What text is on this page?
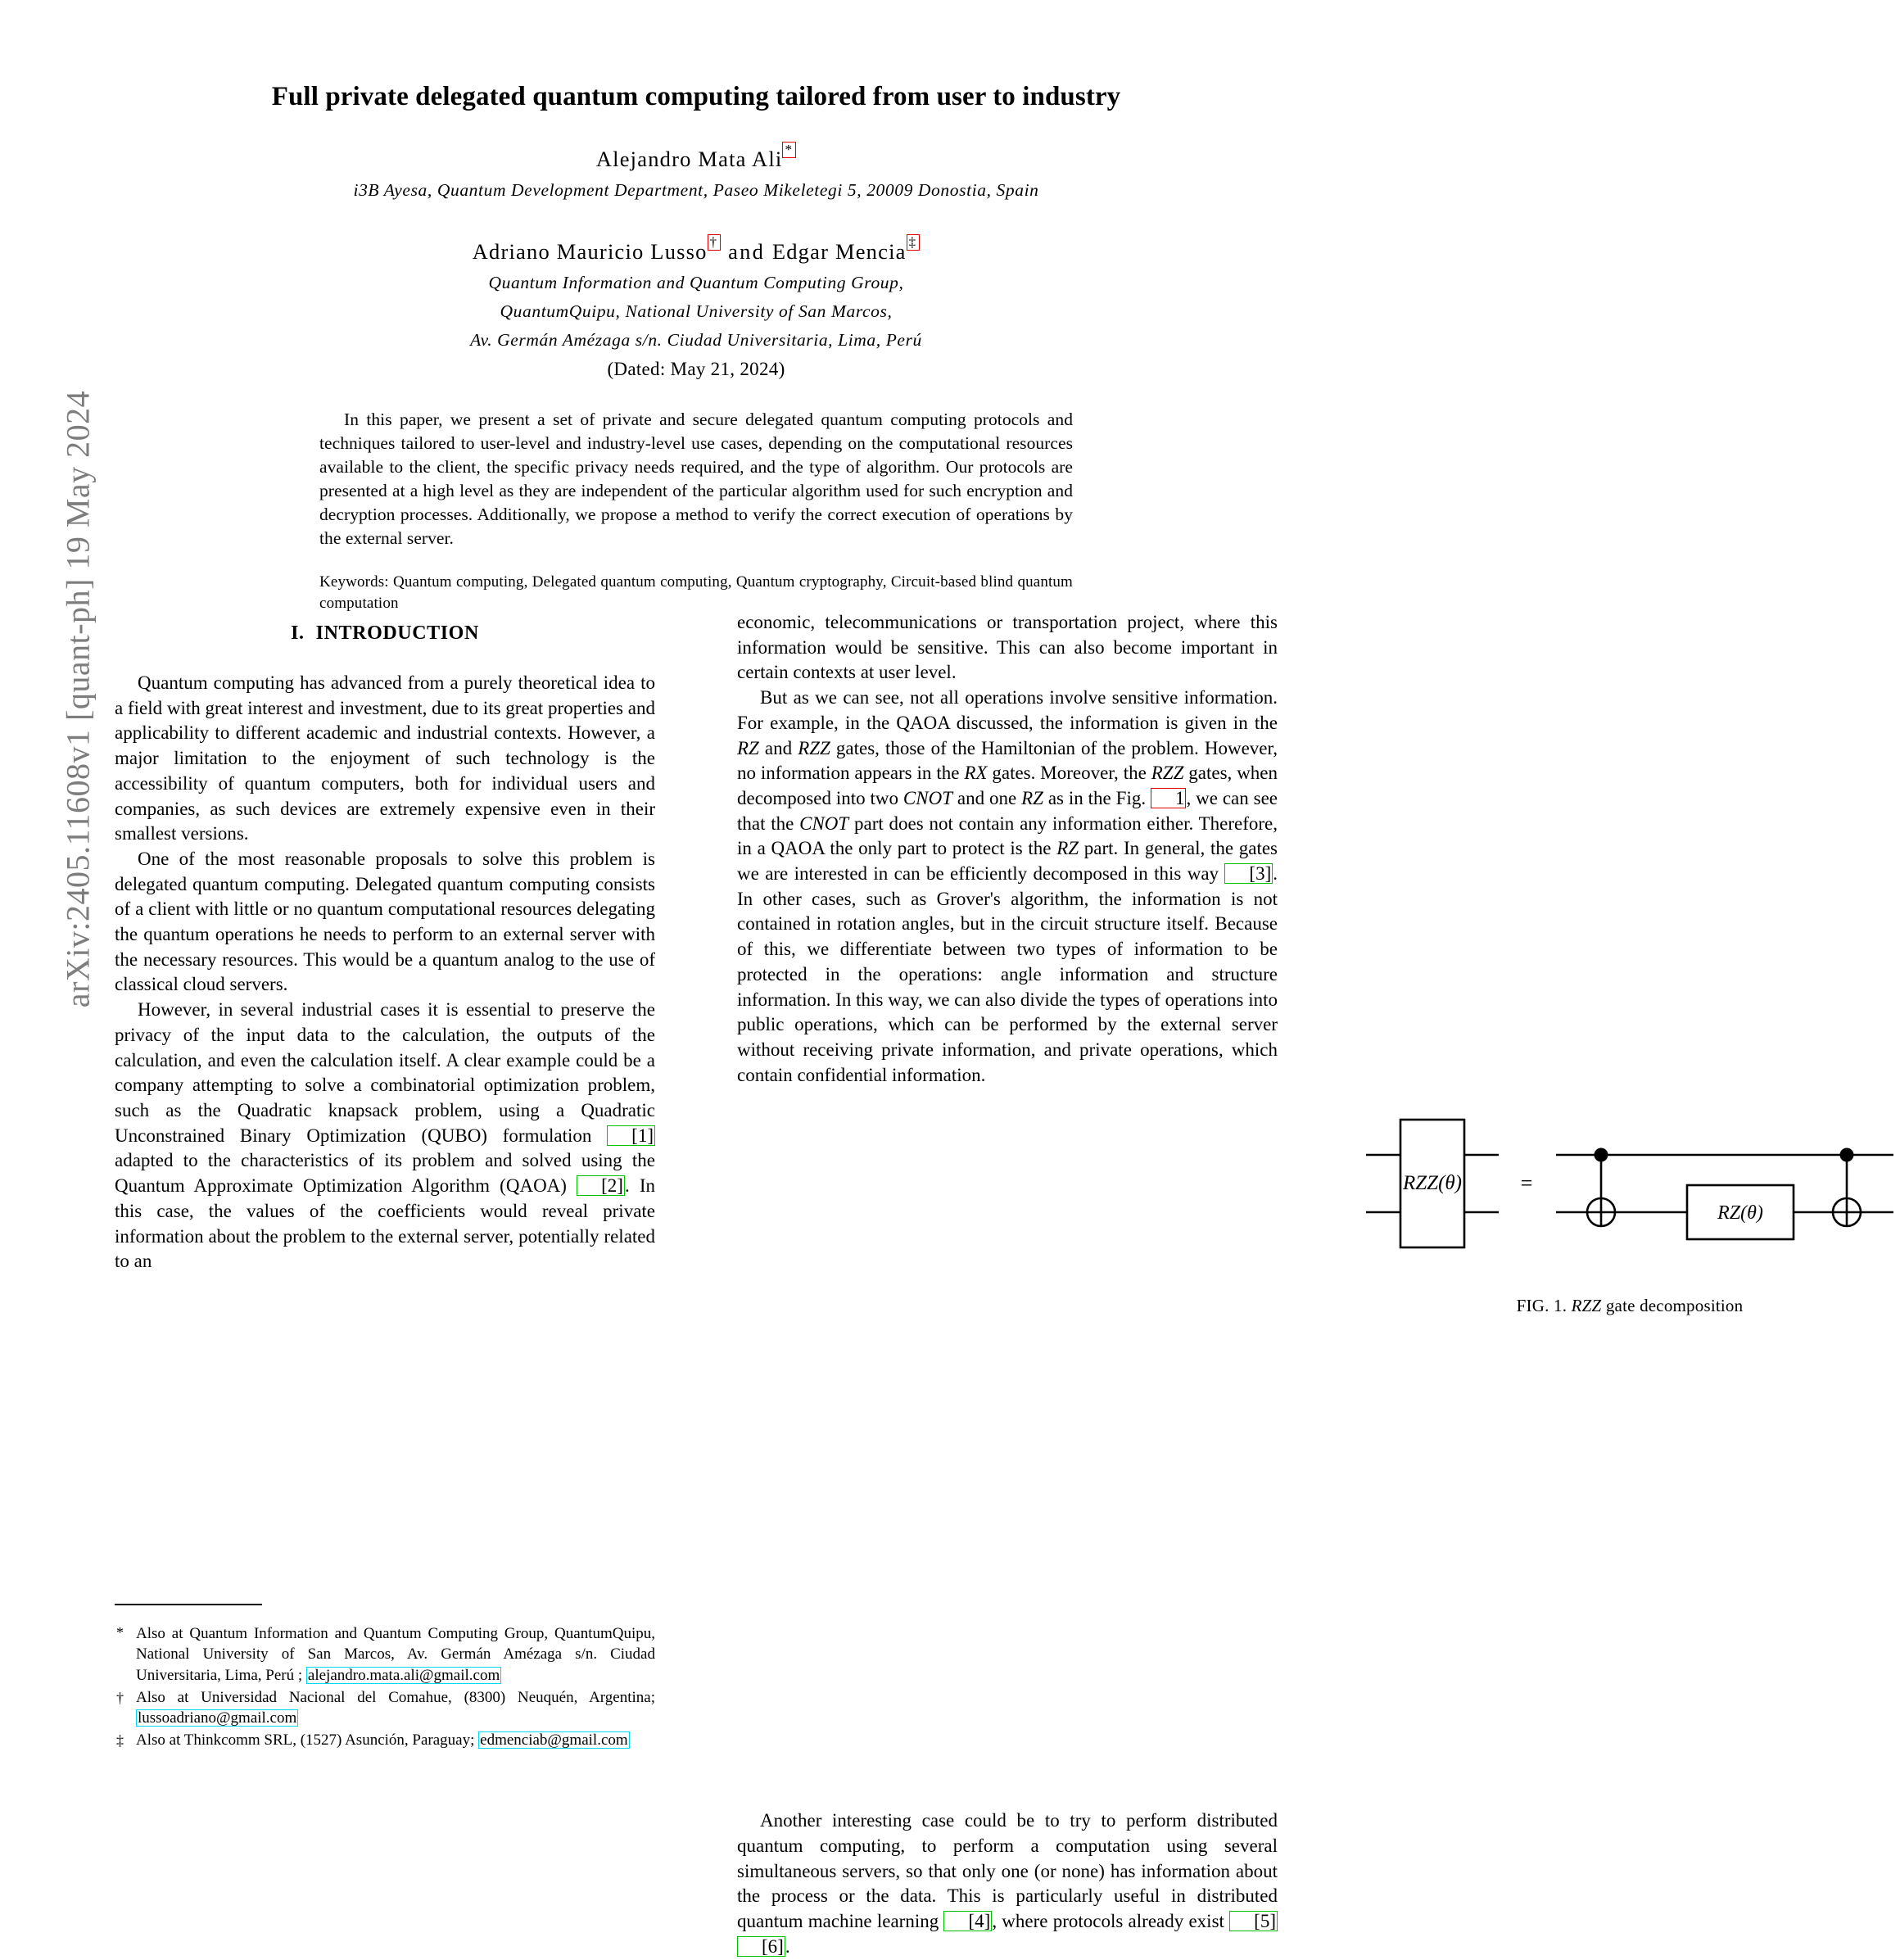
arXiv:2405.11608v1 [quant-ph] 19 May 2024
Full private delegated quantum computing tailored from user to industry
Alejandro Mata Ali *
i3B Ayesa, Quantum Development Department, Paseo Mikeletegi 5, 20009 Donostia, Spain
Adriano Mauricio Lusso † and Edgar Mencia ‡
Quantum Information and Quantum Computing Group,
QuantumQuipu, National University of San Marcos,
Av. Germán Amézaga s/n. Ciudad Universitaria, Lima, Perú
(Dated: May 21, 2024)

In this paper, we present a set of private and secure delegated quantum computing protocols and techniques tailored to user-level and industry-level use cases, depending on the computational resources available to the client, the specific privacy needs required, and the type of algorithm. Our protocols are presented at a high level as they are independent of the particular algorithm used for such encryption and decryption processes. Additionally, we propose a method to verify the correct execution of operations by the external server.

Keywords: Quantum computing, Delegated quantum computing, Quantum cryptography, Circuit-based blind quantum computation

I. INTRODUCTION

Quantum computing has advanced from a purely theoretical idea to a field with great interest and investment, due to its great properties and applicability to different academic and industrial contexts. However, a major limitation to the enjoyment of such technology is the accessibility of quantum computers, both for individual users and companies, as such devices are extremely expensive even in their smallest versions.

One of the most reasonable proposals to solve this problem is delegated quantum computing. Delegated quantum computing consists of a client with little or no quantum computational resources delegating the quantum operations he needs to perform to an external server with the necessary resources. This would be a quantum analog to the use of classical cloud servers.

However, in several industrial cases it is essential to preserve the privacy of the input data to the calculation, the outputs of the calculation, and even the calculation itself. A clear example could be a company attempting to solve a combinatorial optimization problem, such as the Quadratic knapsack problem, using a Quadratic Unconstrained Binary Optimization (QUBO) formulation [1] adapted to the characteristics of its problem and solved using the Quantum Approximate Optimization Algorithm (QAOA) [2]. In this case, the values of the coefficients would reveal private information about the problem to the external server, potentially related to an

economic, telecommunications or transportation project, where this information would be sensitive. This can also become important in certain contexts at user level.

But as we can see, not all operations involve sensitive information. For example, in the QAOA discussed, the information is given in the RZ and RZZ gates, those of the Hamiltonian of the problem. However, no information appears in the RX gates. Moreover, the RZZ gates, when decomposed into two CNOT and one RZ as in the Fig. 1, we can see that the CNOT part does not contain any information either. Therefore, in a QAOA the only part to protect is the RZ part. In general, the gates we are interested in can be efficiently decomposed in this way [3]. In other cases, such as Grover's algorithm, the information is not contained in rotation angles, but in the circuit structure itself. Because of this, we differentiate between two types of information to be protected in the operations: angle information and structure information. In this way, we can also divide the types of operations into public operations, which can be performed by the external server without receiving private information, and private operations, which contain confidential information.

RZZ(θ)	=
RZ(θ)
FIG. 1. RZZ gate decomposition

Another interesting case could be to try to perform distributed quantum computing, to perform a computation using several simultaneous servers, so that only one (or none) has information about the process or the data. This is particularly useful in distributed quantum machine learning [4], where protocols already exist [5][6].

* Also at Quantum Information and Quantum Computing Group, QuantumQuipu, National University of San Marcos, Av. Germán Amézaga s/n. Ciudad Universitaria, Lima, Perú ; alejandro.mata.ali@gmail.com
† Also at Universidad Nacional del Comahue, (8300) Neuquén, Argentina; lussoadriano@gmail.com
‡ Also at Thinkcomm SRL, (1527) Asunción, Paraguay; edmenciab@gmail.com
